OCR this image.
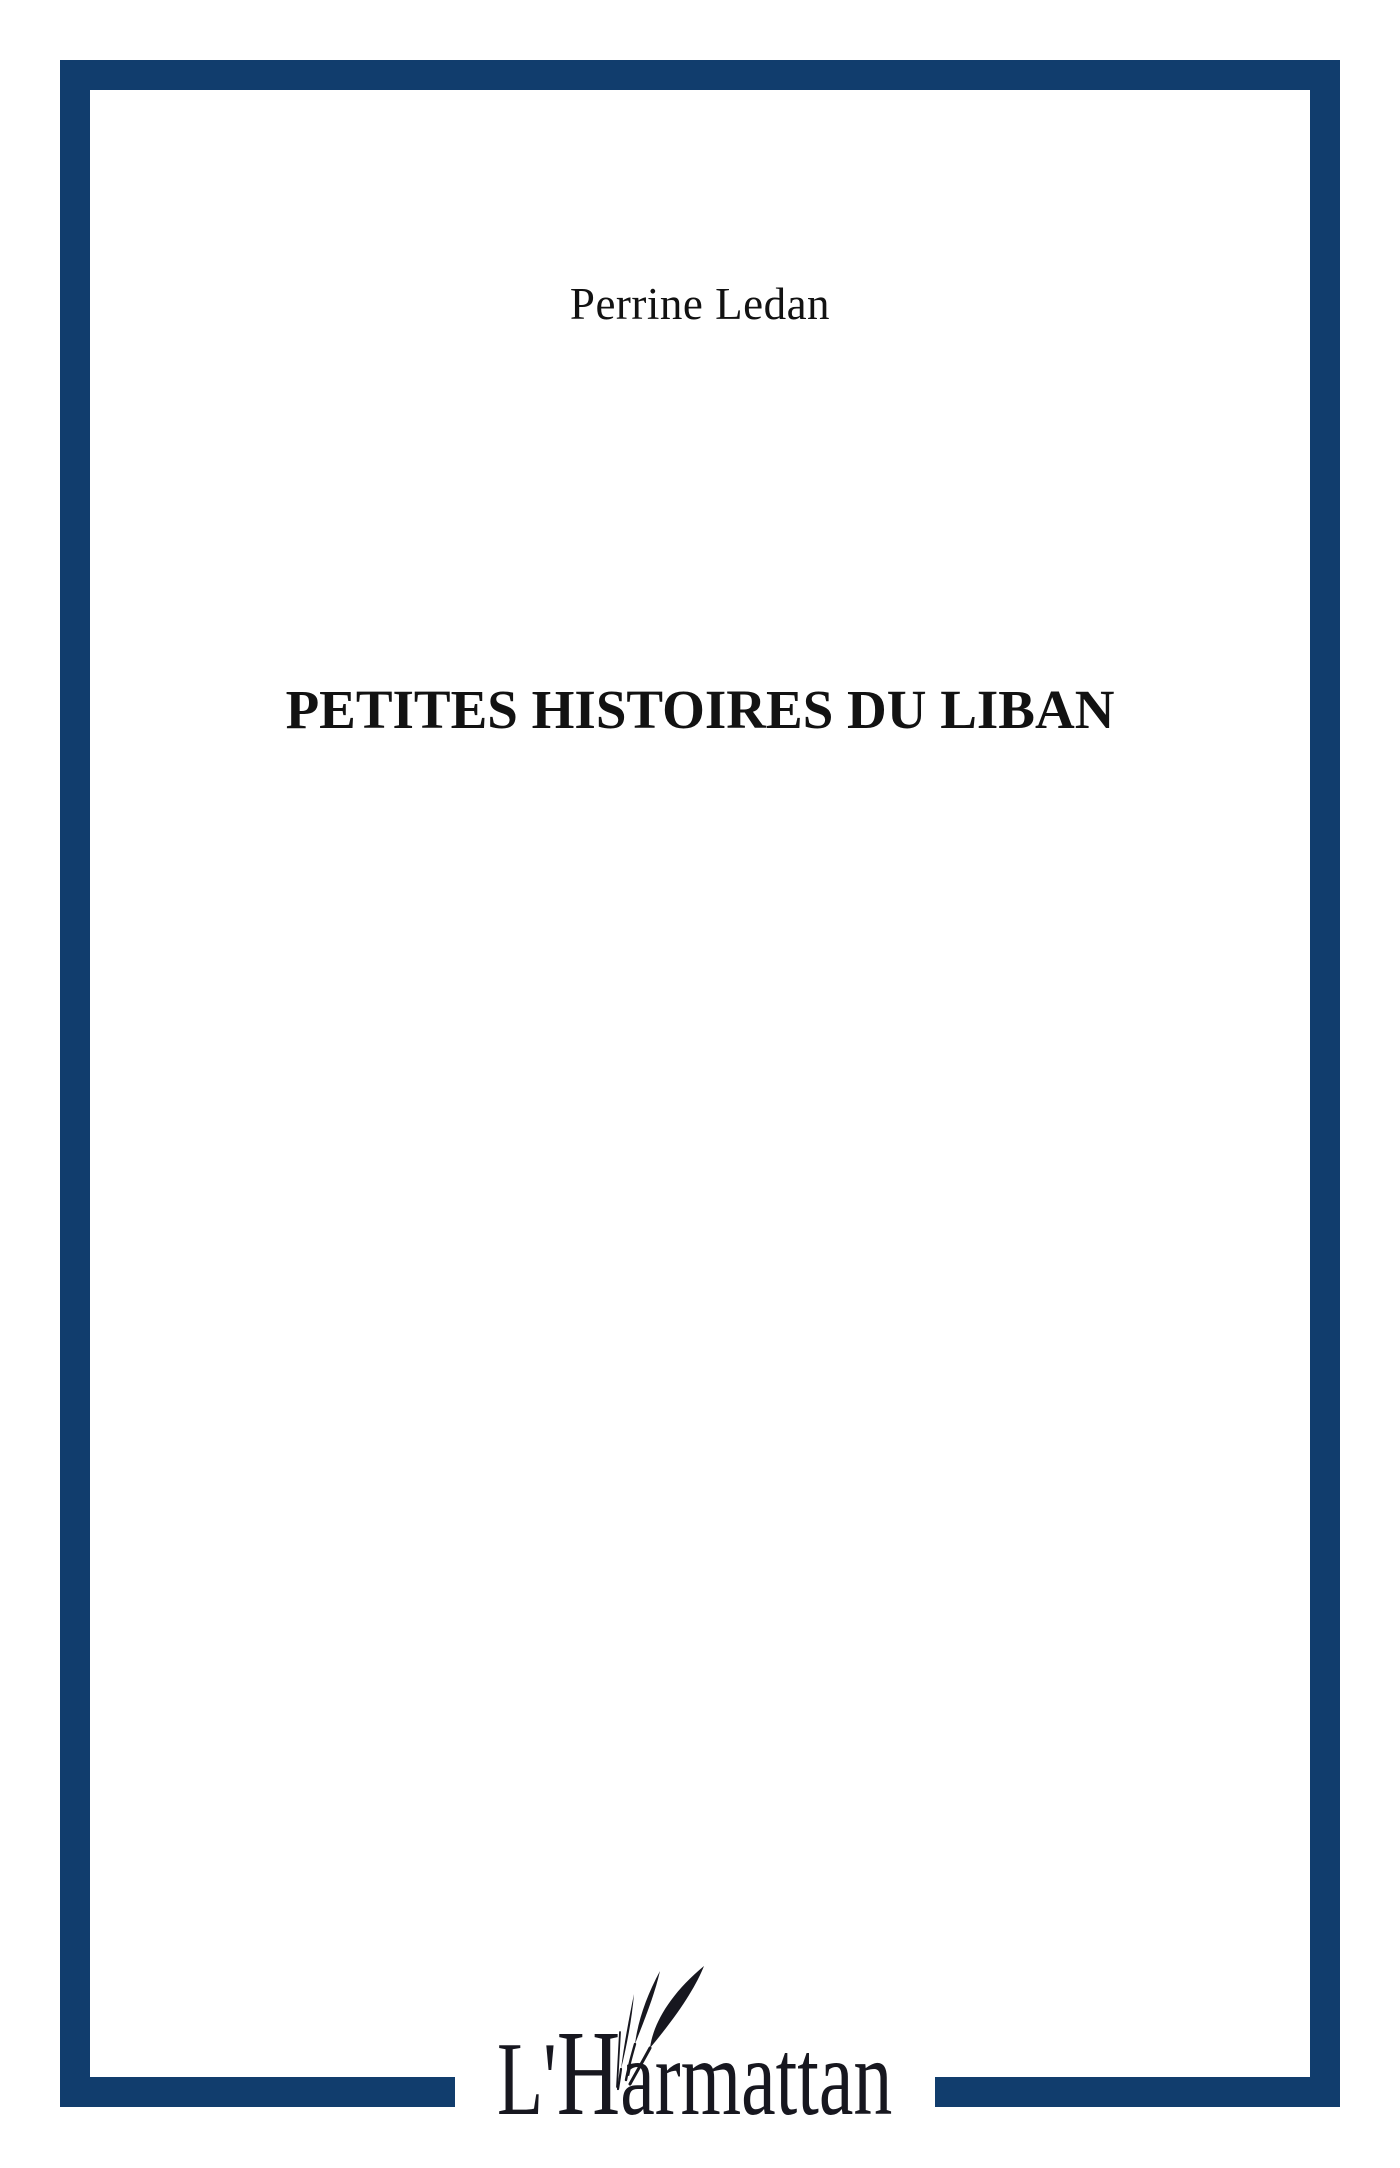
Perrine Ledan
PETITES HISTOIRES DU LIBAN
L' H armattan
